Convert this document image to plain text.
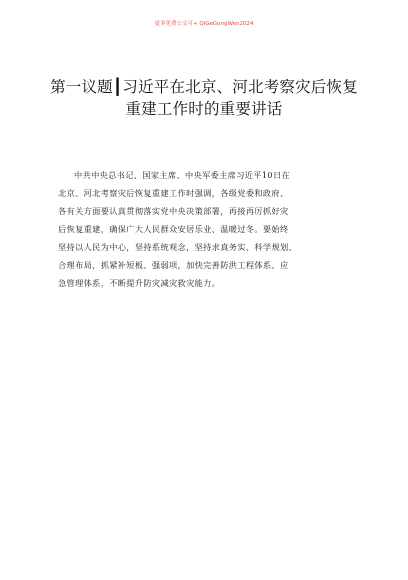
更多免费公文可+ QiGeGongWen2024
第一议题┃习近平在北京、河北考察灾后恢复
重建工作时的重要讲话
中共中央总书记、国家主席、中央军委主席习近平10日在
北京、河北考察灾后恢复重建工作时强调，各级党委和政府、
各有关方面要认真贯彻落实党中央决策部署，再接再厉抓好灾
后恢复重建，确保广大人民群众安居乐业、温暖过冬。要始终
坚持以人民为中心，坚持系统观念，坚持求真务实、科学规划、
合理布局，抓紧补短板、强弱项，加快完善防洪工程体系、应
急管理体系，不断提升防灾减灾救灾能力。
